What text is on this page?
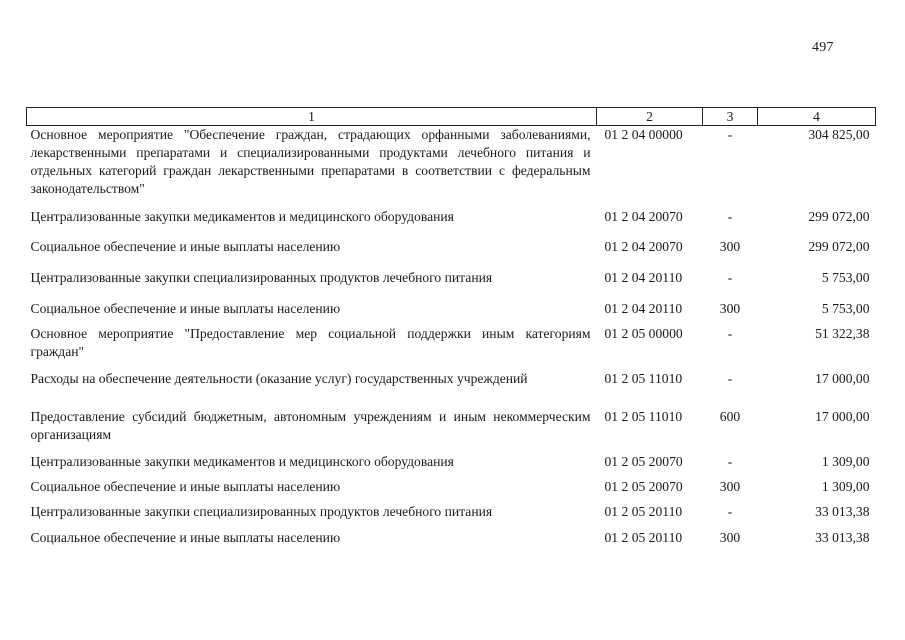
497
1	2	3	4
Основное мероприятие "Обеспечение граждан, страдающих орфанными заболеваниями, лекарственными препаратами и специализированными продуктами лечебного питания и отдельных категорий граждан лекарственными препаратами в соответствии с федеральным законодательством"	01 2 04 00000	-	304 825,00
Централизованные закупки медикаментов и медицинского оборудования	01 2 04 20070	-	299 072,00
Социальное обеспечение и иные выплаты населению	01 2 04 20070	300	299 072,00
Централизованные закупки специализированных продуктов лечебного питания	01 2 04 20110	-	5 753,00
Социальное обеспечение и иные выплаты населению	01 2 04 20110	300	5 753,00
Основное мероприятие "Предоставление мер социальной поддержки иным категориям граждан"	01 2 05 00000	-	51 322,38
Расходы на обеспечение деятельности (оказание услуг) государственных учреждений	01 2 05 11010	-	17 000,00
Предоставление субсидий бюджетным, автономным учреждениям и иным некоммерческим организациям	01 2 05 11010	600	17 000,00
Централизованные закупки медикаментов и медицинского оборудования	01 2 05 20070	-	1 309,00
Социальное обеспечение и иные выплаты населению	01 2 05 20070	300	1 309,00
Централизованные закупки специализированных продуктов лечебного питания	01 2 05 20110	-	33 013,38
Социальное обеспечение и иные выплаты населению	01 2 05 20110	300	33 013,38
